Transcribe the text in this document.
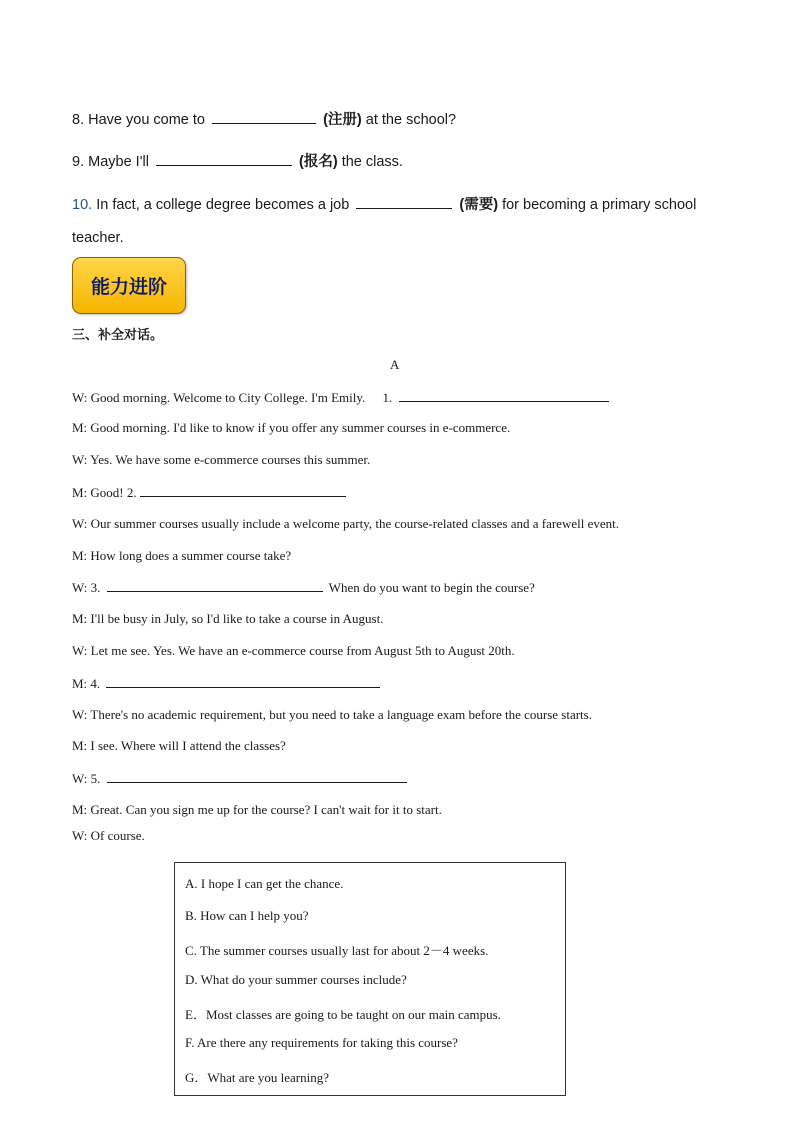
8. Have you come to	(注册) at the school?
9. Maybe I'll	(报名) the class.
10. In fact, a college degree becomes a job	(需要) for becoming a primary school
teacher.
能力进阶
三、补全对话。
A
W: Good morning. Welcome to City College. I'm Emily. 1.
M: Good morning. I'd like to know if you offer any summer courses in e-commerce.
W: Yes. We have some e-commerce courses this summer.
M: Good! 2.
W: Our summer courses usually include a welcome party, the course-related classes and a farewell event.
M: How long does a summer course take?
W: 3.	When do you want to begin the course?
M: I'll be busy in July, so I'd like to take a course in August.
W: Let me see. Yes. We have an e-commerce course from August 5th to August 20th.
M: 4.
W: There's no academic requirement, but you need to take a language exam before the course starts.
M: I see. Where will I attend the classes?
W: 5.
M: Great. Can you sign me up for the course? I can't wait for it to start.
W: Of course.
A. I hope I can get the chance.
B. How can I help you?
C. The summer courses usually last for about 2－4 weeks.
D. What do your summer courses include?
E．Most classes are going to be taught on our main campus.
F. Are there any requirements for taking this course?
G．What are you learning?
